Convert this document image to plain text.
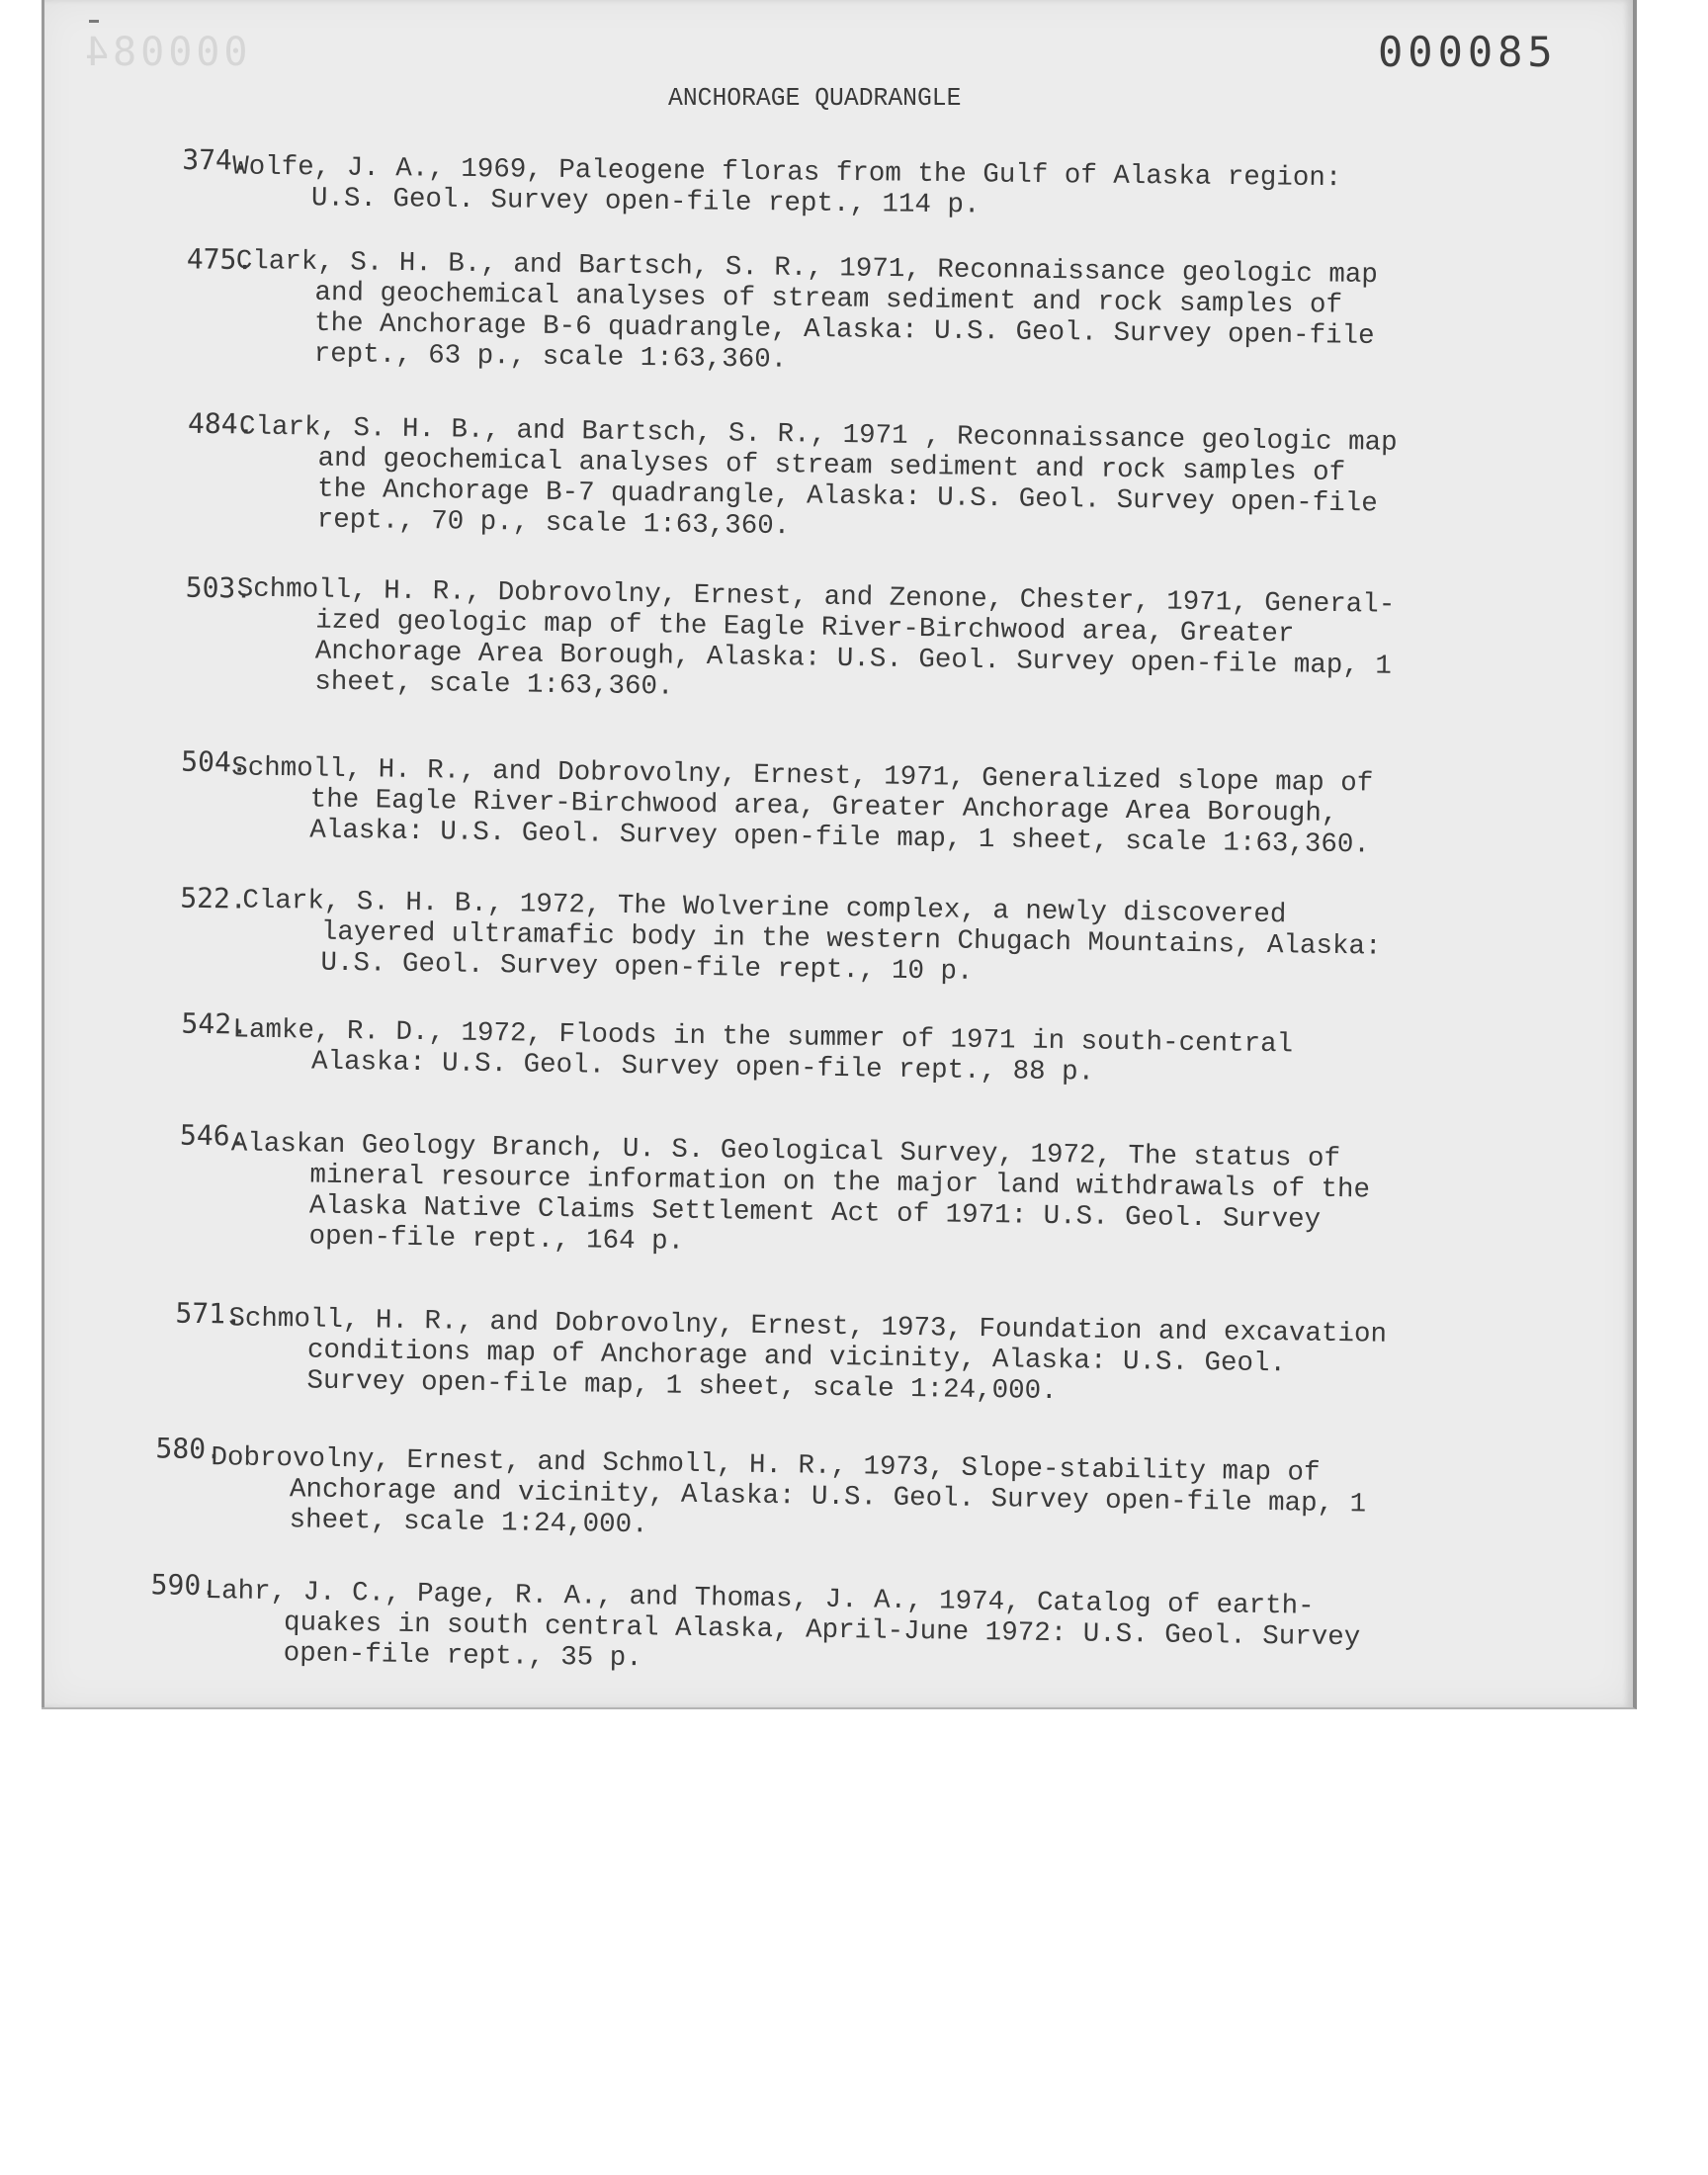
000084	000085
ANCHORAGE QUADRANGLE
374.
Wolfe, J. A., 1969, Paleogene floras from the Gulf of Alaska region: U.S. Geol. Survey open-file rept., 114 p.
475.
Clark, S. H. B., and Bartsch, S. R., 1971, Reconnaissance geologic map and geochemical analyses of stream sediment and rock samples of the Anchorage B-6 quadrangle, Alaska: U.S. Geol. Survey open-file rept., 63 p., scale 1:63,360.
484.
Clark, S. H. B., and Bartsch, S. R., 1971 , Reconnaissance geologic map and geochemical analyses of stream sediment and rock samples of the Anchorage B-7 quadrangle, Alaska: U.S. Geol. Survey open-file rept., 70 p., scale 1:63,360.
503.
Schmoll, H. R., Dobrovolny, Ernest, and Zenone, Chester, 1971, General-ized geologic map of the Eagle River-Birchwood area, Greater Anchorage Area Borough, Alaska: U.S. Geol. Survey open-file map, 1 sheet, scale 1:63,360.
504.
Schmoll, H. R., and Dobrovolny, Ernest, 1971, Generalized slope map of the Eagle River-Birchwood area, Greater Anchorage Area Borough, Alaska: U.S. Geol. Survey open-file map, 1 sheet, scale 1:63,360.
522.
Clark, S. H. B., 1972, The Wolverine complex, a newly discovered layered ultramafic body in the western Chugach Mountains, Alaska: U.S. Geol. Survey open-file rept., 10 p.
542.
Lamke, R. D., 1972, Floods in the summer of 1971 in south-central Alaska: U.S. Geol. Survey open-file rept., 88 p.
546.
Alaskan Geology Branch, U. S. Geological Survey, 1972, The status of mineral resource information on the major land withdrawals of the Alaska Native Claims Settlement Act of 1971: U.S. Geol. Survey open-file rept., 164 p.
571.
Schmoll, H. R., and Dobrovolny, Ernest, 1973, Foundation and excavation conditions map of Anchorage and vicinity, Alaska: U.S. Geol. Survey open-file map, 1 sheet, scale 1:24,000.
580.
Dobrovolny, Ernest, and Schmoll, H. R., 1973, Slope-stability map of Anchorage and vicinity, Alaska: U.S. Geol. Survey open-file map, 1 sheet, scale 1:24,000.
590.
Lahr, J. C., Page, R. A., and Thomas, J. A., 1974, Catalog of earth-quakes in south central Alaska, April-June 1972: U.S. Geol. Survey open-file rept., 35 p.
